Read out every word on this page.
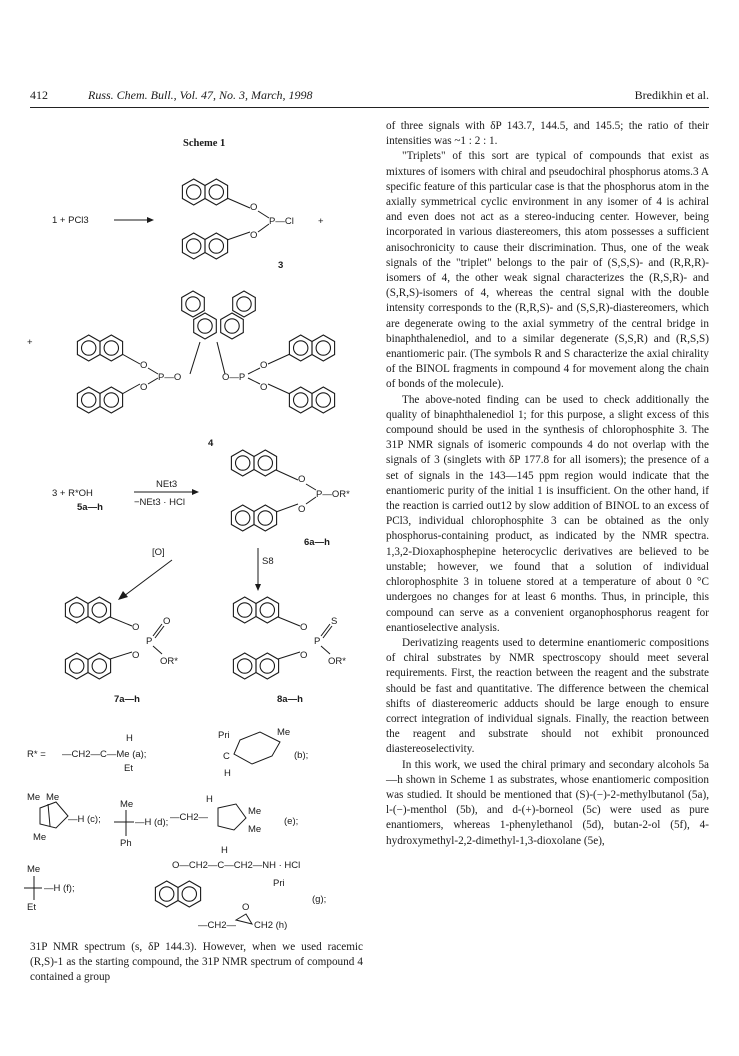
412	Russ. Chem. Bull., Vol. 47, No. 3, March, 1998	Bredikhin et al.
Scheme 1
1 + PCl3
O
O
P—Cl	+
3
+
O
O
P—O	O—P
O
O
4
3 + R*OH
5a—h
NEt3
−NEt3 · HCl
O
O
P—OR*
6a—h
[O]
S8
O
O
P
O
OR*
7a—h
O
O
P
S
OR*
8a—h
R* =
H
—CH2—C—Me (a);
Et
Pri	Me
C
H
(b);
Me Me
—H (c);
Me
Me
—H (d);
Ph
H
—CH2—
Me
Me
(e);
H
O—CH2—C—CH2—NH · HCl
Pri
(g);
Me
—H (f);
Et	O
—CH2— CH2 (h)

31P NMR spectrum (s, δP 144.3). However, when we used racemic (R,S)-1 as the starting compound, the 31P NMR spectrum of compound 4 contained a group

of three signals with δP 143.7, 144.5, and 145.5; the ratio of their intensities was ~1 : 2 : 1.

"Triplets" of this sort are typical of compounds that exist as mixtures of isomers with chiral and pseudochiral phosphorus atoms.3 A specific feature of this particular case is that the phosphorus atom in the axially symmetrical cyclic environment in any isomer of 4 is achiral and even does not act as a stereo-inducing center. However, being incorporated in various diastereomers, this atom possesses a sufficient anisochronicity to cause their discrimination. Thus, one of the weak signals of the "triplet" belongs to the pair of (S,S,S)- and (R,R,R)-isomers of 4, the other weak signal characterizes the (R,S,R)- and (S,R,S)-isomers of 4, whereas the central signal with the double intensity corresponds to the (R,R,S)- and (S,S,R)-diastereomers, which are degenerate owing to the axial symmetry of the central bridge in binaphthalenediol, and to a similar degenerate (S,S,R) and (R,S,S) enantiomeric pair. (The symbols R and S characterize the axial chirality of the BINOL fragments in compound 4 for movement along the chain of bonds of the molecule).

The above-noted finding can be used to check additionally the quality of binaphthalenediol 1; for this purpose, a slight excess of this compound should be used in the synthesis of chlorophosphite 3. The 31P NMR signals of isomeric compounds 4 do not overlap with the signals of 3 (singlets with δP 177.8 for all isomers); the presence of a set of signals in the 143—145 ppm region would indicate that the enantiomeric purity of the initial 1 is insufficient. On the other hand, if the reaction is carried out12 by slow addition of BINOL to an excess of PCl3, individual chlorophosphite 3 can be obtained as the only phosphorus-containing product, as indicated by the NMR spectra. 1,3,2-Dioxaphosphepine heterocyclic derivatives are believed to be unstable; however, we found that a solution of individual chlorophosphite 3 in toluene stored at a temperature of about 0 °C undergoes no changes for at least 6 months. Thus, in principle, this compound can serve as a convenient organophosphorus reagent for enantioselective analysis.

Derivatizing reagents used to determine enantiomeric compositions of chiral substrates by NMR spectroscopy should meet several requirements. First, the reaction between the reagent and the substrate should be fast and quantitative. The difference between the chemical shifts of diastereomeric adducts should be large enough to ensure correct integration of individual signals. Finally, the reaction between the reagent and substrate should not exhibit pronounced diastereoselectivity.

In this work, we used the chiral primary and secondary alcohols 5a—h shown in Scheme 1 as substrates, whose enantiomeric composition was studied. It should be mentioned that (S)-(−)-2-methylbutanol (5a), l-(−)-menthol (5b), and d-(+)-borneol (5c) were used as pure enantiomers, whereas 1-phenylethanol (5d), butan-2-ol (5f), 4-hydroxymethyl-2,2-dimethyl-1,3-dioxolane (5e),
